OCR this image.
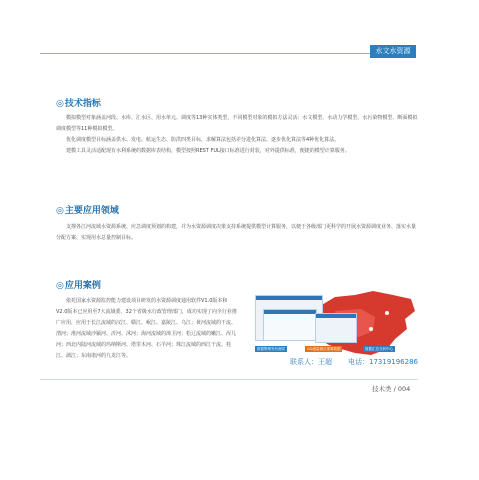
水文水资源
◎技术指标

模拟模型对象涵盖河段、水库、汇水区、用水单元、调度等13种实体类型，不同模型对象的模拟方法灵活：水文模型、水动力学模型、水污染物模型、断面模拟调度模型等11种模拟模型。

优化调度模型目标涵盖供水、发电、航运生态、防洪四类目标，求解算法包括差分进化算法、逐步优化算法等4种优化算法。

建模工具灵活适配现有水利系统的数据库表结构，模型按照REST FUL接口标准进行封装，对外提供标准，便捷的模型计算服务。

◎主要应用领域

支撑各江河流域水资源系统、应急调度预划的构建，并为水资源调度决策支持系统提供模型计算服务，以便于各级部门更科学的开展水资源调度业务、落实水量分配方案、实现用水总量控制目标。

◎应用案例

依托国家水资源监控能力建设项目研发的水资源调度通用软件V1.0版本和V2.0版本已应用至7大流域委、32个省级水行政管理部门，成功实现了向全行业推广应用，应用于长江流域的汉江、赣江、岷江、嘉陵江、乌江；黄河流域的干流、渭河；淮河流域沙颍河、沂河、沭河；海河流域的漳卫河；松辽流域的嫩江、浑儿河；西北内陆河流域的玛纳斯河、塔里木河、石羊河；珠江流域的西江干流、桂江、漓江；东南诸河的九龙江等。

数据整理发布测试	GQ流量测点重要数据	数据汇总分析中心
联系人：王超 电话：17319196286
技术类 / 004
